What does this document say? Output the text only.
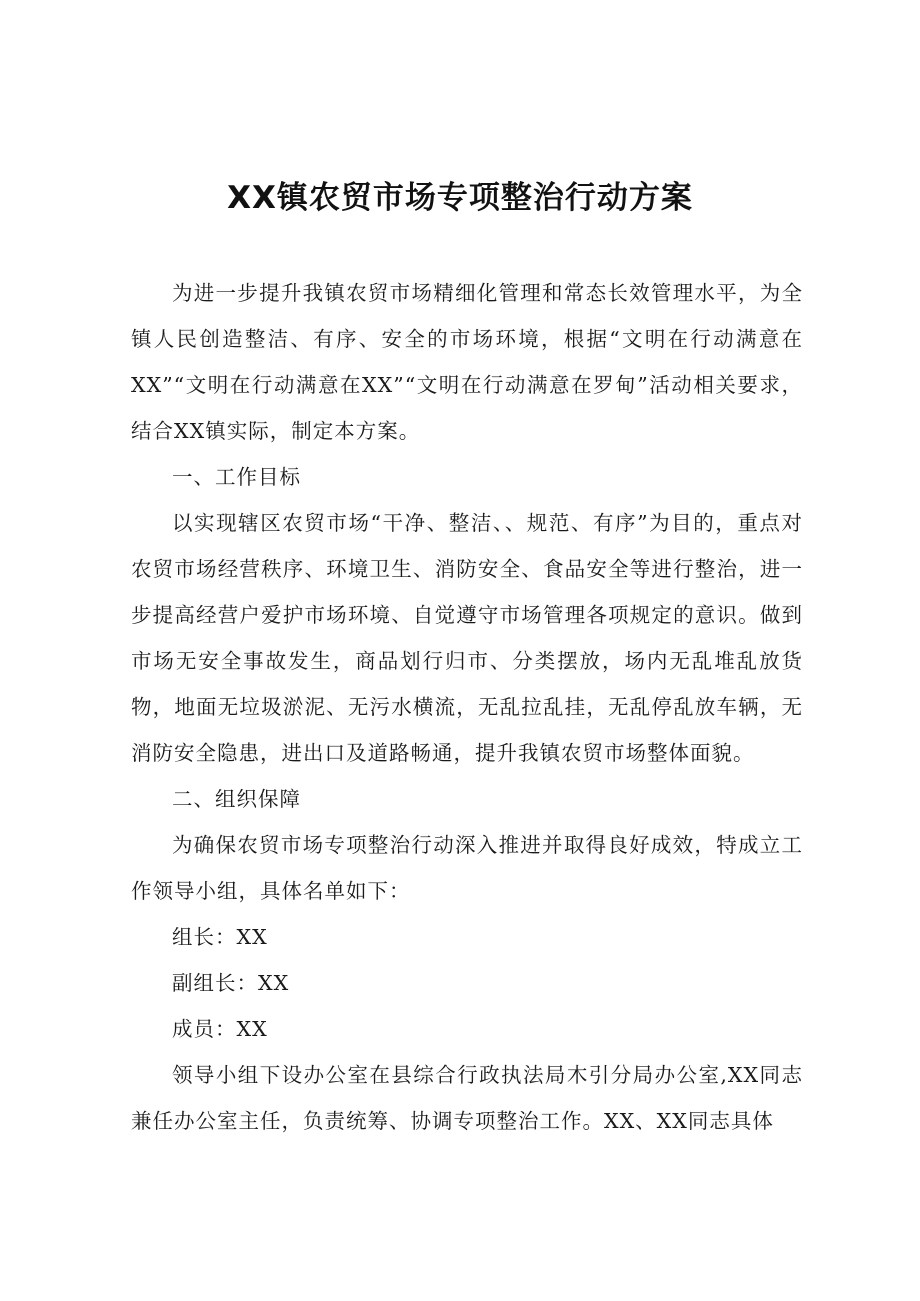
XX镇农贸市场专项整治行动方案

为进一步提升我镇农贸市场精细化管理和常态长效管理水平，为全镇人民创造整洁、有序、安全的市场环境，根据“文明在行动满意在XX”“文明在行动满意在XX”“文明在行动满意在罗甸”活动相关要求，结合XX镇实际，制定本方案。

一、工作目标

以实现辖区农贸市场“干净、整洁、、规范、有序”为目的，重点对农贸市场经营秩序、环境卫生、消防安全、食品安全等进行整治，进一步提高经营户爱护市场环境、自觉遵守市场管理各项规定的意识。做到市场无安全事故发生，商品划行归市、分类摆放，场内无乱堆乱放货物，地面无垃圾淤泥、无污水横流，无乱拉乱挂，无乱停乱放车辆，无消防安全隐患，进出口及道路畅通，提升我镇农贸市场整体面貌。

二、组织保障

为确保农贸市场专项整治行动深入推进并取得良好成效，特成立工作领导小组，具体名单如下：

组长：XX

副组长：XX

成员：XX

领导小组下设办公室在县综合行政执法局木引分局办公室,XX同志兼任办公室主任，负责统筹、协调专项整治工作。XX、XX同志具体
